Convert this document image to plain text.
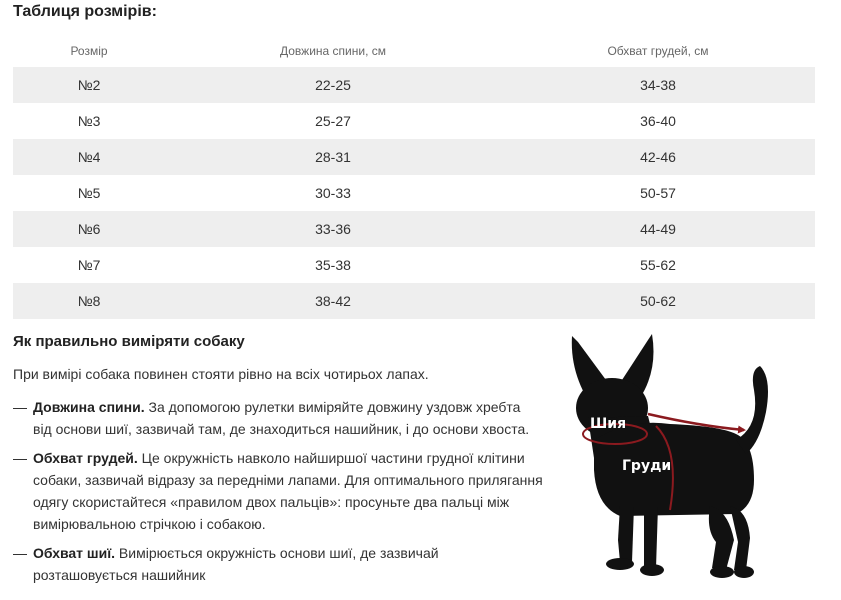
Таблиця розмірів:
Розмір	Довжина спини, см	Обхват грудей, см
№2	22-25	34-38
№3	25-27	36-40
№4	28-31	42-46
№5	30-33	50-57
№6	33-36	44-49
№7	35-38	55-62
№8	38-42	50-62
Як правильно виміряти собаку

При вимірі собака повинен стояти рівно на всіх чотирьох лапах.

— Довжина спини. За допомогою рулетки виміряйте довжину уздовж хребта від основи шиї, зазвичай там, де знаходиться нашийник, і до основи хвоста.
— Обхват грудей. Це окружність навколо найширшої частини грудної клітини собаки, зазвичай відразу за передніми лапами. Для оптимального прилягання одягу скористайтеся «правилом двох пальців»: просуньте два пальці між вимірювальною стрічкою і собакою.
— Обхват шиї. Вимірюється окружність основи шиї, де зазвичай розташовується нашийник
Шия
Спина
Груди
